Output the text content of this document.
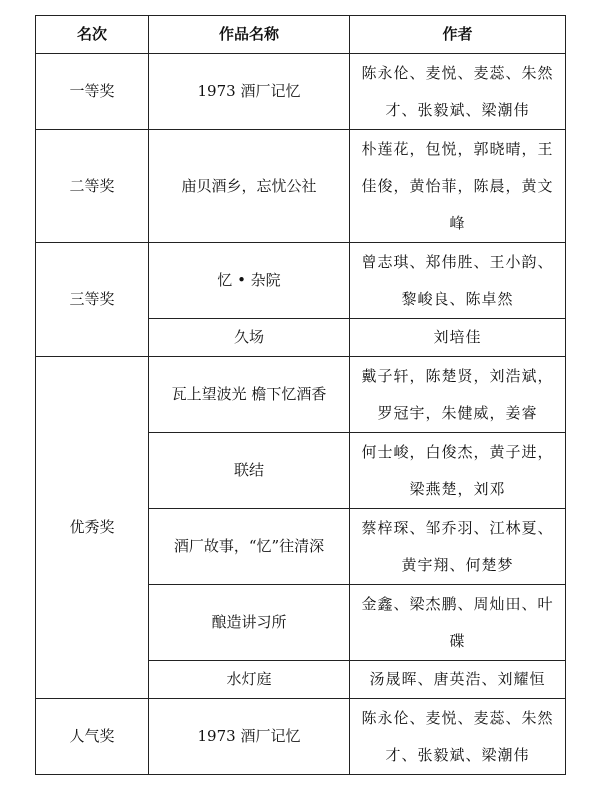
名次	作品名称	作者
一等奖	1973 酒厂记忆	陈永伦、麦悦、麦蕊、朱然才、张毅斌、梁潮伟
二等奖	庙贝酒乡，忘忧公社	朴莲花，包悦，郭晓晴，王佳俊，黄怡菲，陈晨，黄文峰
三等奖	忆 • 杂院	曾志琪、郑伟胜、王小韵、黎峻良、陈卓然
	久场	刘培佳
优秀奖	瓦上望波光 檐下忆酒香	戴子轩，陈楚贤，刘浩斌，罗冠宇，朱健威，姜睿
	联结	何士峻，白俊杰，黄子进，梁燕楚，刘邓
	酒厂故事，“忆”往清深	蔡梓琛、邹乔羽、江林夏、黄宇翔、何楚梦
	酿造讲习所	金鑫、梁杰鹏、周灿田、叶碟
	水灯庭	汤晟晖、唐英浩、刘耀恒
人气奖	1973 酒厂记忆	陈永伦、麦悦、麦蕊、朱然才、张毅斌、梁潮伟
